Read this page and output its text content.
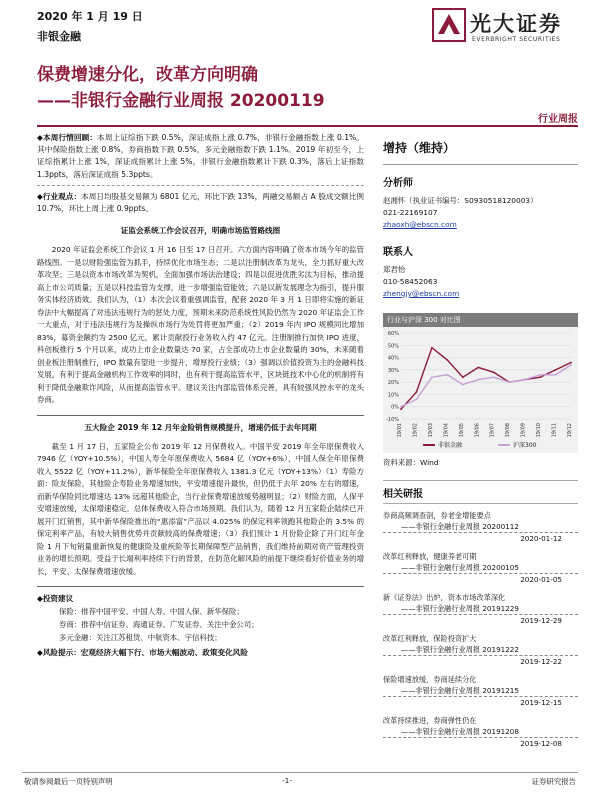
2020 年 1 月 19 日
非银金融
光大证券
EVERBRIGHT SECURITIES
保费增速分化，改革方向明确
——非银行金融行业周报 20200119
行业周报
◆本周行情回顾：本周上证综指下跌 0.5%，深证成指上涨 0.7%，非银行金融指数上涨 0.1%。其中保险指数上涨 0.8%，券商指数下跌 0.5%，多元金融指数下跌 1.1%。2019 年初至今，上证综指累计上涨 1%，深证成指累计上涨 5%，非银行金融指数累计下跌 0.3%，落后上证指数 1.3ppts，落后深证成指 5.3ppts。
◆行业观点：本周日均股基交易额为 6801 亿元，环比下跌 13%，两融交易额占 A 股成交额比例 10.7%，环比上周上涨 0.9ppts。
证监会系统工作会议召开，明确市场监管路线图
2020 年证监会系统工作会议 1 月 16 日至 17 日召开。六方面内容明确了资本市场今年的监管路线图。一是以财险强监管为抓手，持续优化市场生态；二是以注册制改革为龙头，全力抓好重大改革攻坚；三是以资本市场改革为契机，全面加强市场法治建设；四是以促进优胜劣汰为目标，推动提高上市公司质量；五是以科技监管为支撑，进一步增强监管能效；六是以新发展理念为指引，提升服务实体经济质效。我们认为，（1）本次会议着重强调监管，配套 2020 年 3 月 1 日即将实施的新证券法中大幅提高了对违法违规行为的惩处力度，预期未来防范系统性风险仍然为 2020 年证监会工作一大重点，对于违法违规行为及操纵市场行为处罚将更加严重；（2）2019 年内 IPO 规模同比增加 83%，募资金额约为 2500 亿元，累计贡献投行业务收入约 47 亿元。注册制推行加快 IPO 进度，科创板推行 5 个月以来，成功上市企业数量达 70 家，占全部成功上市企业数量的 30%，未来随着创业板注册制推行，IPO 数量有望进一步提升，增厚投行业绩；（3）强调以价值投资为主的金融科技发展，有利于提高金融机构工作效率的同时，也有利于提高监管水平，区块链技术中心化的机制将有利于降低金融欺诈风险，从而提高监管水平。建议关注内部监管体系完善，具有较强风控水平的龙头券商。
五大险企 2019 年 12 月年金险销售规模提升，增速仍低于去年同期
截至 1 月 17 日，五家险企公布 2019 年 12 月保费收入。中国平安 2019 年全年原保费收入 7946 亿（YOY+10.5%），中国人寿全年原保费收入 5684 亿（YOY+6%），中国人保全年原保费收入 5522 亿（YOY+11.2%），新华保险全年原保费收入 1381.3 亿元（YOY+13%）（1）寿险方面：险友保险，其他险企寿险业务增速加快，平安增速提升最快，但仍低于去年 20% 左右的增速，而新华保险同比增速达 13% 远超其他险企，当行业保费增速放缓势越明显；（2）财险方面，人保平安增速放缓，太保增速稳定。总体保费收入符合市场预期。我们认为，随着 12 月五家险企陆续已开展开门红销售，其中新华保险推出的“惠添富”产品以 4.025% 的保定利率领跑其他险企的 3.5% 的保定利率产品，有较大销售优势并贡献较高的保费增速；（3）我们预计 1 月份险企除了开门红年金险 1 月下旬销量重新恢复的健康险及重疾险等长期保障型产品销售，我们维持前期对资产管理投资业务的增长预期。受益于长端利率持续下行的背景，在防范化解风险的前提下继续看好价值业务的增长，平安、太保保费增速放缓。
◆投资建议
保险：推荐中国平安、中国人寿、中国人保、新华保险；
券商：推荐中信证券、海通证券、广发证券、关注中金公司；
多元金融：关注江苏租赁、中航资本、宇信科技；
◆风险提示：宏观经济大幅下行、市场大幅波动、政策变化风险
增持（维持）
分析师
赵湘怀（执业证书编号：S0930518120003）
021-22169107
zhaoxh@ebscn.com
联系人
郑君怡
010-58452063
zhengjy@ebscn.com
行业与沪深 300 对比图
-10%
0%
10%
20%
30%
40%
50%
60%
19/01 19/02 19/03 19/04 19/05 19/06 19/07 19/08 19/09 19/10 19/11 19/12
非银金融	沪深300
资料来源：Wind
相关研报
券商高频调查剖，券老金增能要点
——非银行金融行业周报 20200112
2020-01-12
改革红利释放，健康养老可期
——非银行金融行业周报 20200105
2020-01-05
新《证券法》出炉，资本市场改革深化
——非银行金融行业周报 20191229
2019-12-29
改革红利释放，保险投资扩大
——非银行金融行业周报 20191222
2019-12-22
保险增速放缓，券商延续分化
——非银行金融行业周报 20191215
2019-12-15
改革持续推进，券商弹性仍在
——非银行金融行业周报 20191208
2019-12-08
敬请参阅最后一页特别声明	-1-	证券研究报告
